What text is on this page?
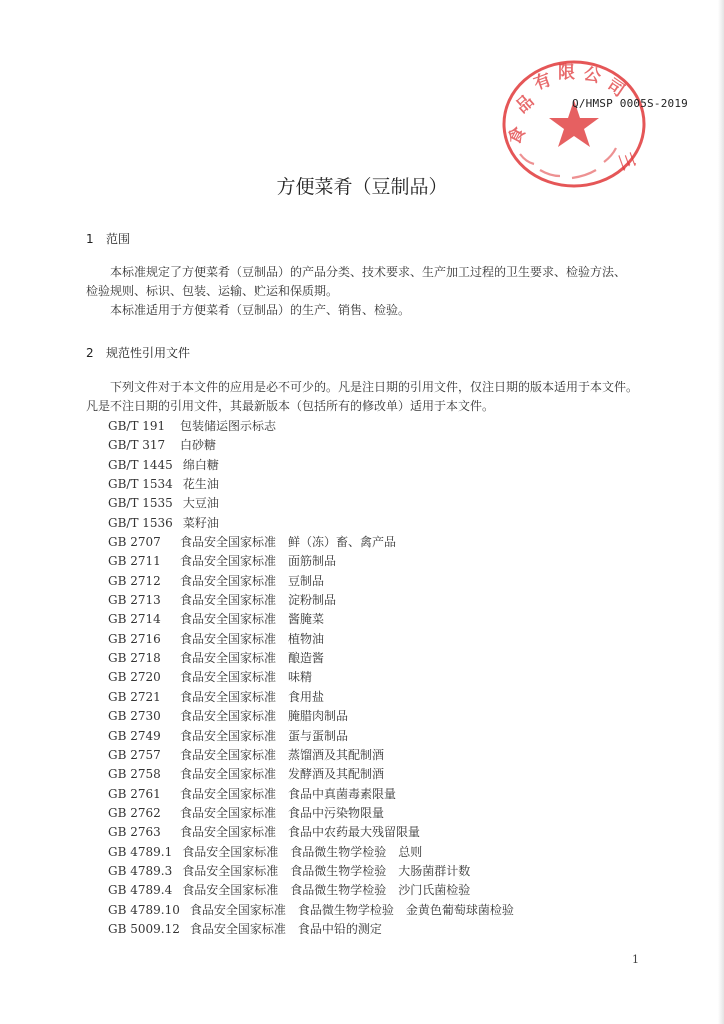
食
品
有 限 公 司
三
Q/HMSP 0005S-2019
方便菜肴（豆制品）
1 范围

本标准规定了方便菜肴（豆制品）的产品分类、技术要求、生产加工过程的卫生要求、检验方法、

检验规则、标识、包装、运输、贮运和保质期。

本标准适用于方便菜肴（豆制品）的生产、销售、检验。

2 规范性引用文件

下列文件对于本文件的应用是必不可少的。凡是注日期的引用文件，仅注日期的版本适用于本文件。

凡是不注日期的引用文件，其最新版本（包括所有的修改单）适用于本文件。

GB/T 191 包装储运图示标志
GB/T 317 白砂糖
GB/T 1445 绵白糖
GB/T 1534 花生油
GB/T 1535 大豆油
GB/T 1536 菜籽油
GB 2707 食品安全国家标准　鲜（冻）畜、禽产品
GB 2711 食品安全国家标准　面筋制品
GB 2712 食品安全国家标准　豆制品
GB 2713 食品安全国家标准　淀粉制品
GB 2714 食品安全国家标准　酱腌菜
GB 2716 食品安全国家标准　植物油
GB 2718 食品安全国家标准　酿造酱
GB 2720 食品安全国家标准　味精
GB 2721 食品安全国家标准　食用盐
GB 2730 食品安全国家标准　腌腊肉制品
GB 2749 食品安全国家标准　蛋与蛋制品
GB 2757 食品安全国家标准　蒸馏酒及其配制酒
GB 2758 食品安全国家标准　发酵酒及其配制酒
GB 2761 食品安全国家标准　食品中真菌毒素限量
GB 2762 食品安全国家标准　食品中污染物限量
GB 2763 食品安全国家标准　食品中农药最大残留限量
GB 4789.1 食品安全国家标准　食品微生物学检验　总则
GB 4789.3 食品安全国家标准　食品微生物学检验　大肠菌群计数
GB 4789.4 食品安全国家标准　食品微生物学检验　沙门氏菌检验
GB 4789.10 食品安全国家标准　食品微生物学检验　金黄色葡萄球菌检验
GB 5009.12 食品安全国家标准　食品中铅的测定
1
